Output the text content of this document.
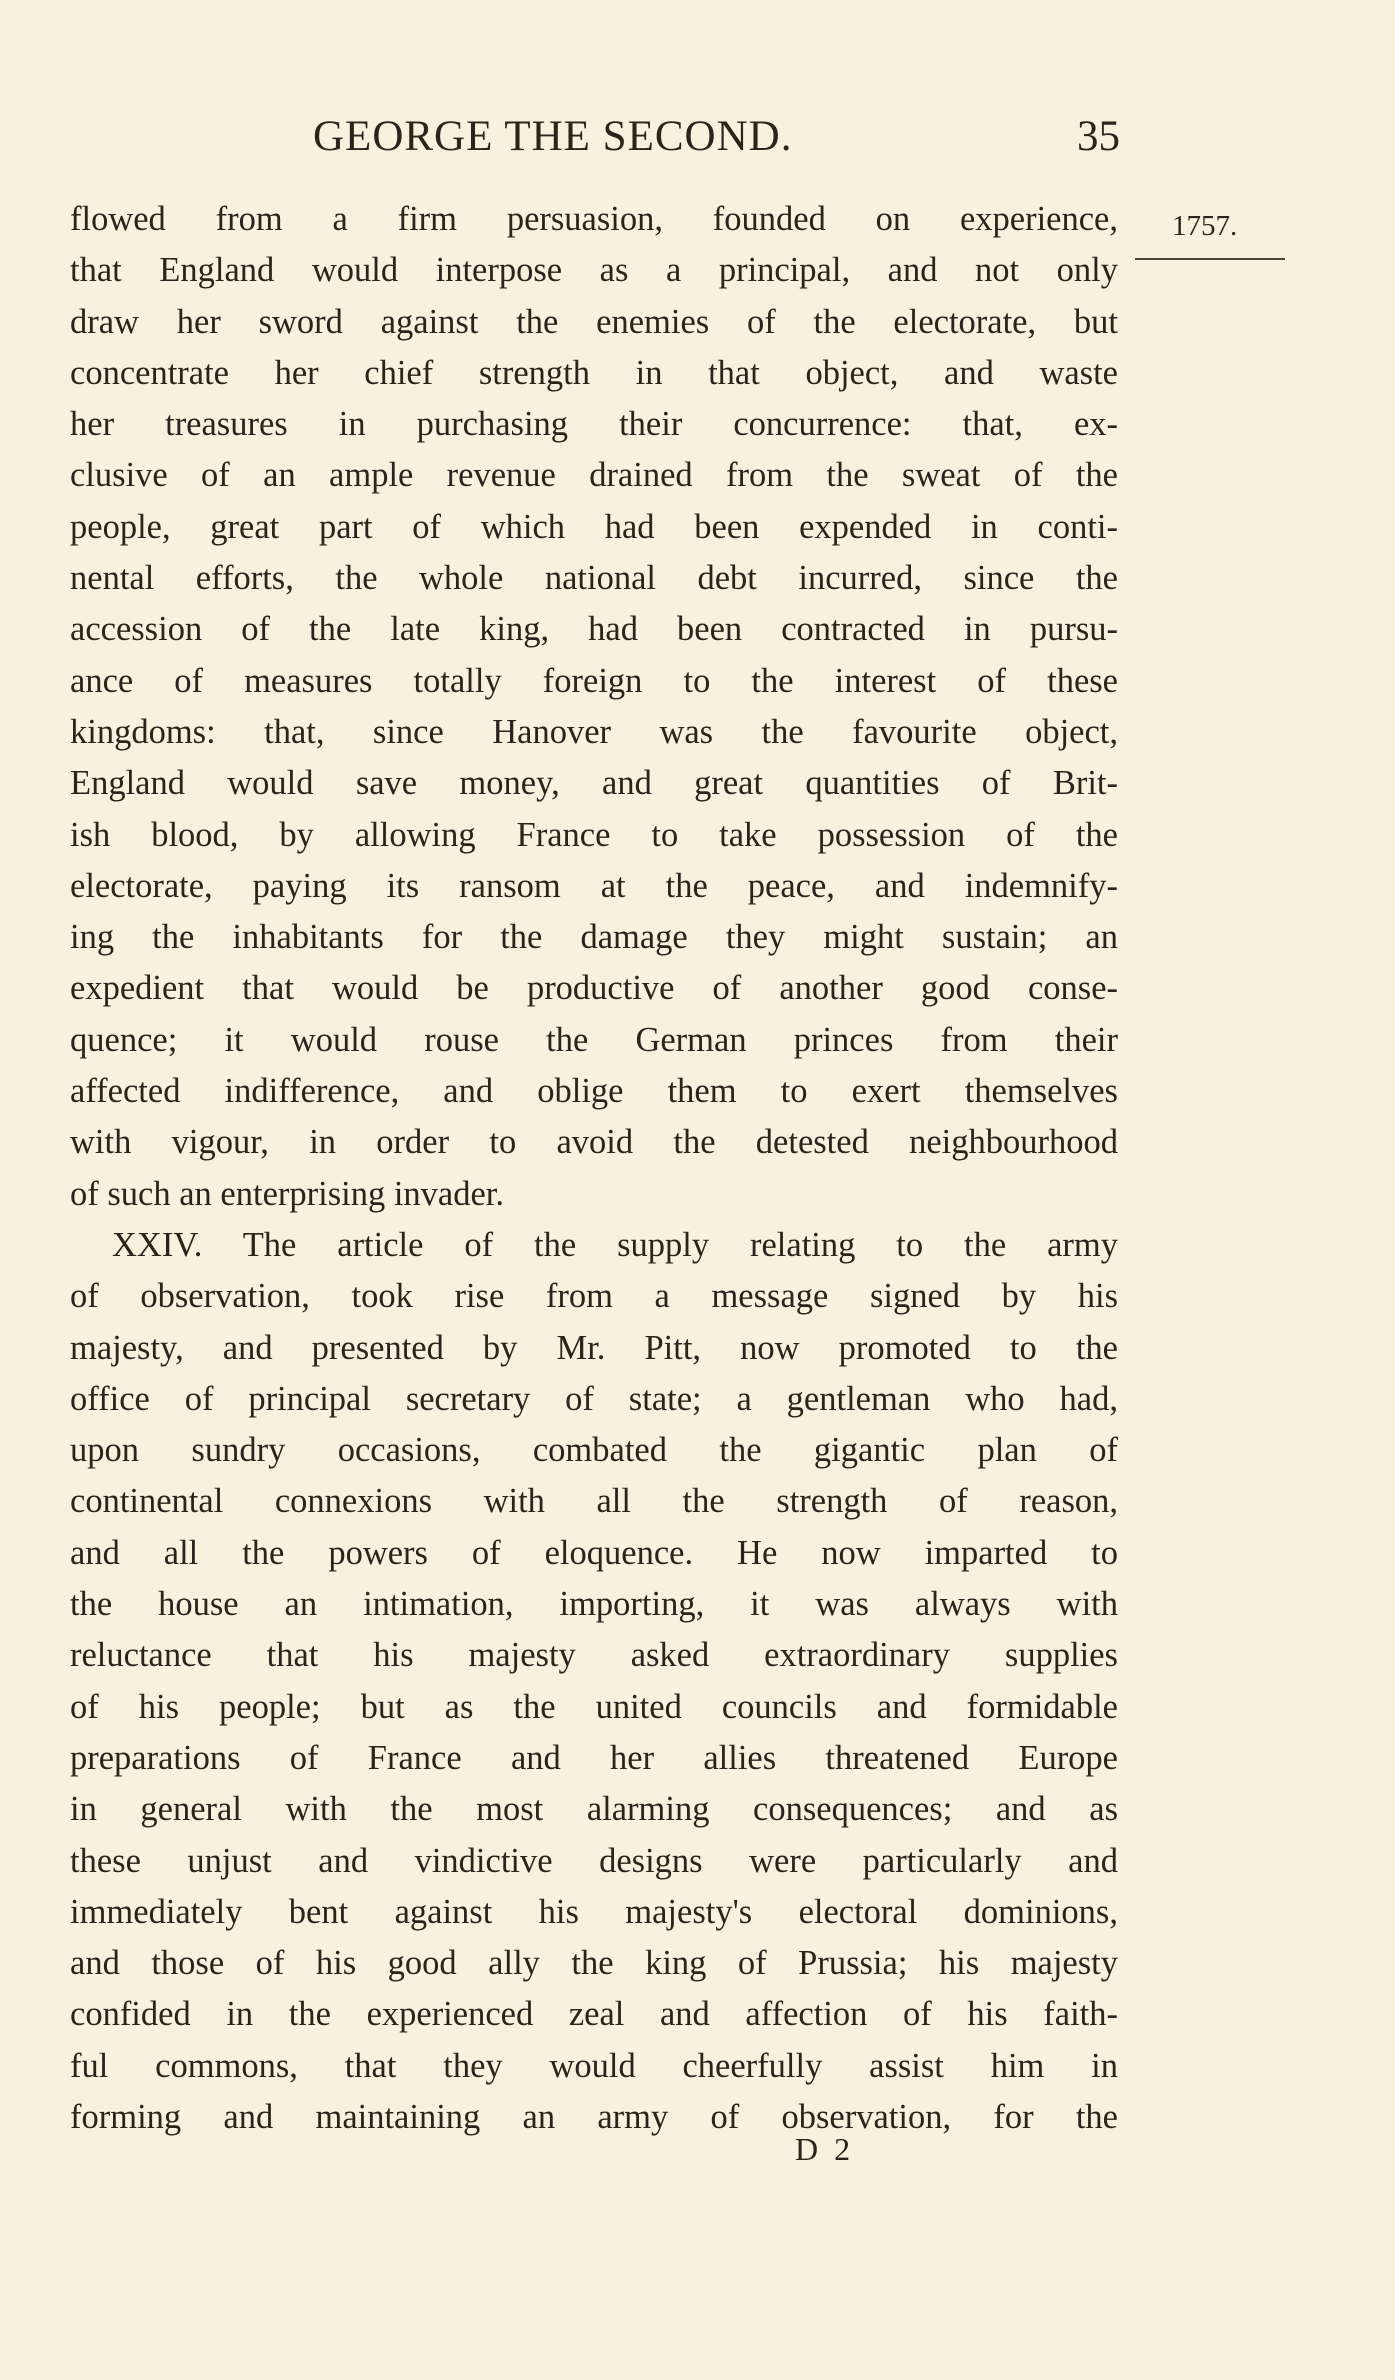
GEORGE THE SECOND.	35
1757.
flowed from a firm persuasion, founded on experience,
that England would interpose as a principal, and not only
draw her sword against the enemies of the electorate, but
concentrate her chief strength in that object, and waste
her treasures in purchasing their concurrence: that, ex-
clusive of an ample revenue drained from the sweat of the
people, great part of which had been expended in conti-
nental efforts, the whole national debt incurred, since the
accession of the late king, had been contracted in pursu-
ance of measures totally foreign to the interest of these
kingdoms: that, since Hanover was the favourite object,
England would save money, and great quantities of Brit-
ish blood, by allowing France to take possession of the
electorate, paying its ransom at the peace, and indemnify-
ing the inhabitants for the damage they might sustain; an
expedient that would be productive of another good conse-
quence; it would rouse the German princes from their
affected indifference, and oblige them to exert themselves
with vigour, in order to avoid the detested neighbourhood
of such an enterprising invader.
XXIV. The article of the supply relating to the army
of observation, took rise from a message signed by his
majesty, and presented by Mr. Pitt, now promoted to the
office of principal secretary of state; a gentleman who had,
upon sundry occasions, combated the gigantic plan of
continental connexions with all the strength of reason,
and all the powers of eloquence. He now imparted to
the house an intimation, importing, it was always with
reluctance that his majesty asked extraordinary supplies
of his people; but as the united councils and formidable
preparations of France and her allies threatened Europe
in general with the most alarming consequences; and as
these unjust and vindictive designs were particularly and
immediately bent against his majesty's electoral dominions,
and those of his good ally the king of Prussia; his majesty
confided in the experienced zeal and affection of his faith-
ful commons, that they would cheerfully assist him in
forming and maintaining an army of observation, for the
D 2
